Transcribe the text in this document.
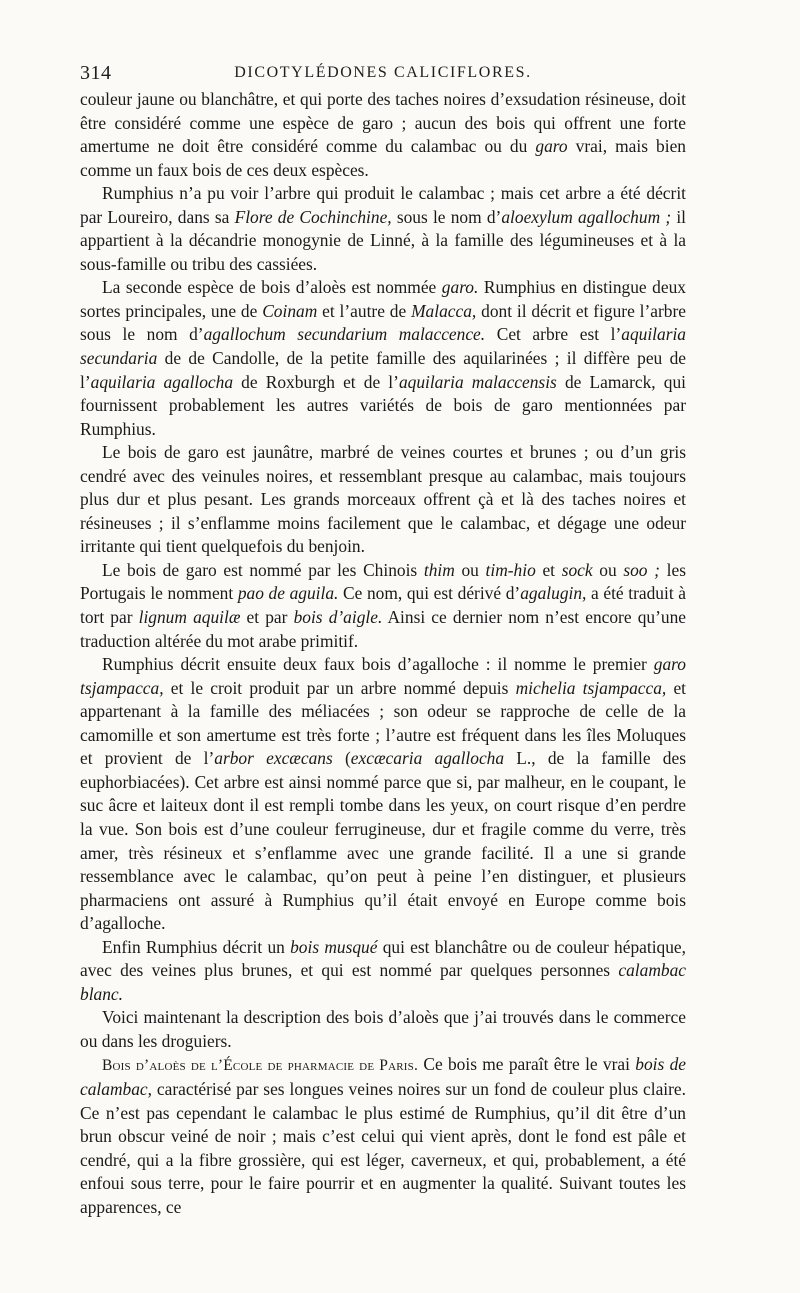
314	DICOTYLÉDONES CALICIFLORES.

couleur jaune ou blanchâtre, et qui porte des taches noires d’exsudation résineuse, doit être considéré comme une espèce de garo ; aucun des bois qui offrent une forte amertume ne doit être considéré comme du calambac ou du garo vrai, mais bien comme un faux bois de ces deux espèces.

Rumphius n’a pu voir l’arbre qui produit le calambac ; mais cet arbre a été décrit par Loureiro, dans sa Flore de Cochinchine, sous le nom d’aloexylum agallochum ; il appartient à la décandrie monogynie de Linné, à la famille des légumineuses et à la sous-famille ou tribu des cassiées.

La seconde espèce de bois d’aloès est nommée garo. Rumphius en distingue deux sortes principales, une de Coinam et l’autre de Malacca, dont il décrit et figure l’arbre sous le nom d’agallochum secundarium malaccence. Cet arbre est l’aquilaria secundaria de de Candolle, de la petite famille des aquilarinées ; il diffère peu de l’aquilaria agallocha de Roxburgh et de l’aquilaria malaccensis de Lamarck, qui fournissent probablement les autres variétés de bois de garo mentionnées par Rumphius.

Le bois de garo est jaunâtre, marbré de veines courtes et brunes ; ou d’un gris cendré avec des veinules noires, et ressemblant presque au calambac, mais toujours plus dur et plus pesant. Les grands morceaux offrent çà et là des taches noires et résineuses ; il s’enflamme moins facilement que le calambac, et dégage une odeur irritante qui tient quelquefois du benjoin.

Le bois de garo est nommé par les Chinois thim ou tim-hio et sock ou soo ; les Portugais le nomment pao de aguila. Ce nom, qui est dérivé d’agalugin, a été traduit à tort par lignum aquilæ et par bois d’aigle. Ainsi ce dernier nom n’est encore qu’une traduction altérée du mot arabe primitif.

Rumphius décrit ensuite deux faux bois d’agalloche : il nomme le premier garo tsjampacca, et le croit produit par un arbre nommé depuis michelia tsjampacca, et appartenant à la famille des méliacées ; son odeur se rapproche de celle de la camomille et son amertume est très forte ; l’autre est fréquent dans les îles Moluques et provient de l’arbor excæcans (excæcaria agallocha L., de la famille des euphorbiacées). Cet arbre est ainsi nommé parce que si, par malheur, en le coupant, le suc âcre et laiteux dont il est rempli tombe dans les yeux, on court risque d’en perdre la vue. Son bois est d’une couleur ferrugineuse, dur et fragile comme du verre, très amer, très résineux et s’enflamme avec une grande facilité. Il a une si grande ressemblance avec le calambac, qu’on peut à peine l’en distinguer, et plusieurs pharmaciens ont assuré à Rumphius qu’il était envoyé en Europe comme bois d’agalloche.

Enfin Rumphius décrit un bois musqué qui est blanchâtre ou de couleur hépatique, avec des veines plus brunes, et qui est nommé par quelques personnes calambac blanc.

Voici maintenant la description des bois d’aloès que j’ai trouvés dans le commerce ou dans les droguiers.

Bois d’aloès de l’École de pharmacie de Paris. Ce bois me paraît être le vrai bois de calambac, caractérisé par ses longues veines noires sur un fond de couleur plus claire. Ce n’est pas cependant le calambac le plus estimé de Rumphius, qu’il dit être d’un brun obscur veiné de noir ; mais c’est celui qui vient après, dont le fond est pâle et cendré, qui a la fibre grossière, qui est léger, caverneux, et qui, probablement, a été enfoui sous terre, pour le faire pourrir et en augmenter la qualité. Suivant toutes les apparences, ce
